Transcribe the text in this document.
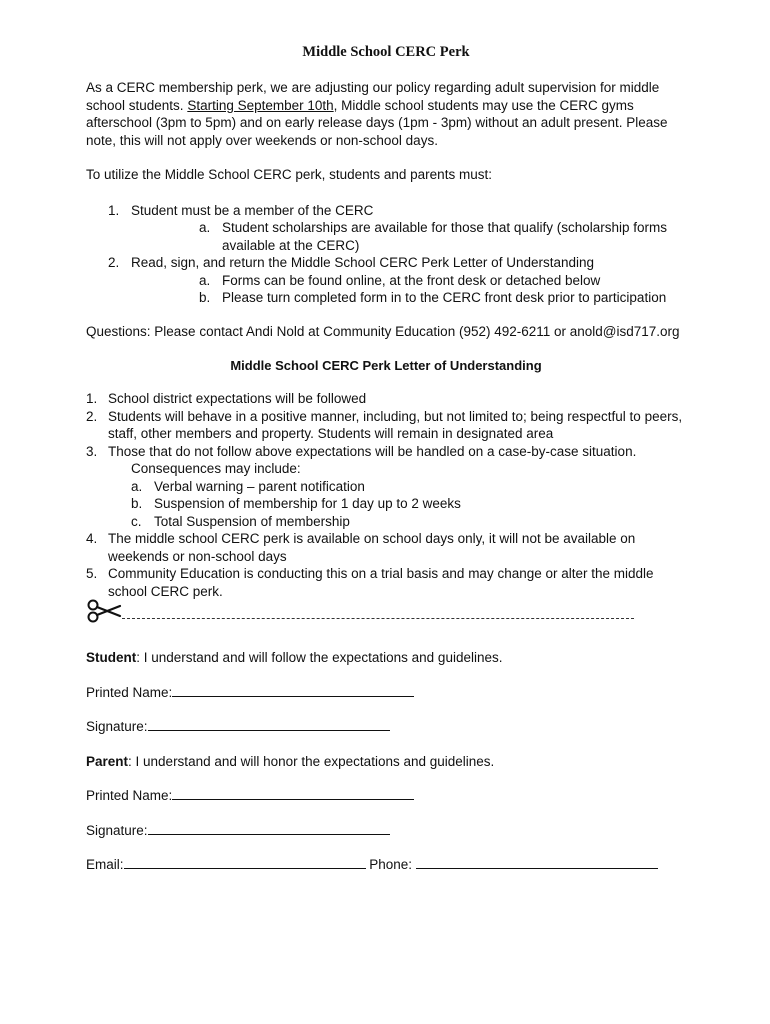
Middle School CERC Perk

As a CERC membership perk, we are adjusting our policy regarding adult supervision for middle school students. Starting September 10th, Middle school students may use the CERC gyms afterschool (3pm to 5pm) and on early release days (1pm - 3pm) without an adult present. Please note, this will not apply over weekends or non-school days.

To utilize the Middle School CERC perk, students and parents must:

1. Student must be a member of the CERC
a. Student scholarships are available for those that qualify (scholarship forms available at the CERC)
2. Read, sign, and return the Middle School CERC Perk Letter of Understanding
a. Forms can be found online, at the front desk or detached below
b. Please turn completed form in to the CERC front desk prior to participation

Questions: Please contact Andi Nold at Community Education (952) 492-6211 or anold@isd717.org

Middle School CERC Perk Letter of Understanding
1. School district expectations will be followed
2. Students will behave in a positive manner, including, but not limited to; being respectful to peers, staff, other members and property. Students will remain in designated area
3. Those that do not follow above expectations will be handled on a case-by-case situation.
Consequences may include:
a. Verbal warning – parent notification
b. Suspension of membership for 1 day up to 2 weeks
c. Total Suspension of membership
4. The middle school CERC perk is available on school days only, it will not be available on weekends or non-school days
5. Community Education is conducting this on a trial basis and may change or alter the middle school CERC perk.
Student: I understand and will follow the expectations and guidelines.
Printed Name:
Signature:
Parent: I understand and will honor the expectations and guidelines.
Printed Name:
Signature:
Email:	Phone:
